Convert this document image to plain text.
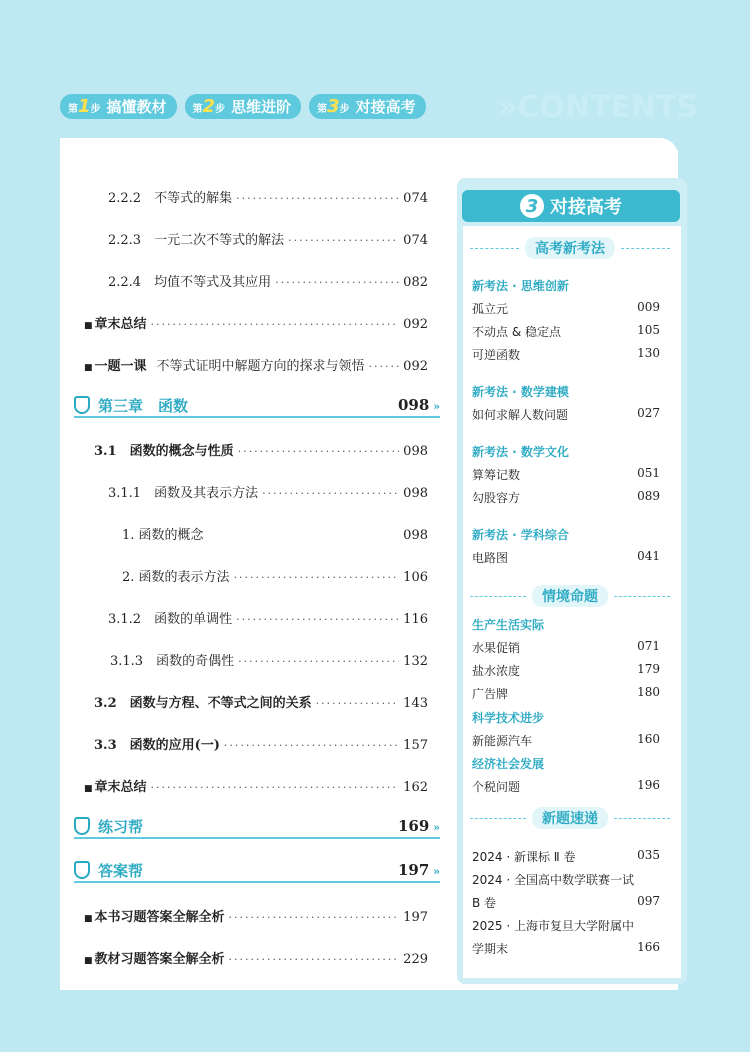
第1步 搞懂教材	第2步 思维进阶	第3步 对接高考	»CONTENTS
2.2.2　不等式的解集 ·····	074
2.2.3　一元二次不等式的解法 ·····	074
2.2.4　均值不等式及其应用 ·····	082
■ 章末总结 ·····	092
■ 一题一课 不等式证明中解题方向的探求与领悟 ·····	092
第三章　函数	098 »
3.1　函数的概念与性质 ·····	098
3.1.1　函数及其表示方法 ·····	098
1. 函数的概念	098
2. 函数的表示方法 ·····	106
3.1.2　函数的单调性 ·····	116
3.1.3　函数的奇偶性 ·····	132
3.2　函数与方程、不等式之间的关系 ·····	143
3.3　函数的应用(一) ·····	157
■ 章末总结 ·····	162
练习帮	169 »
答案帮	197 »
■ 本书习题答案全解全析 ·····	197
■ 教材习题答案全解全析 ·····	229
3 对接高考
高考新考法
新考法 · 思维创新
孤立元	009
不动点 & 稳定点	105
可逆函数	130
新考法 · 数学建模
如何求解人数问题	027
新考法 · 数学文化
算筹记数	051
勾股容方	089
新考法 · 学科综合
电路图	041
情境命题
生产生活实际
水果促销	071
盐水浓度	179
广告牌	180
科学技术进步
新能源汽车	160
经济社会发展
个税问题	196
新题速递
2024 · 新课标 Ⅱ 卷	035
2024 · 全国高中数学联赛一试
B 卷	097
2025 · 上海市复旦大学附属中
学期末	166
